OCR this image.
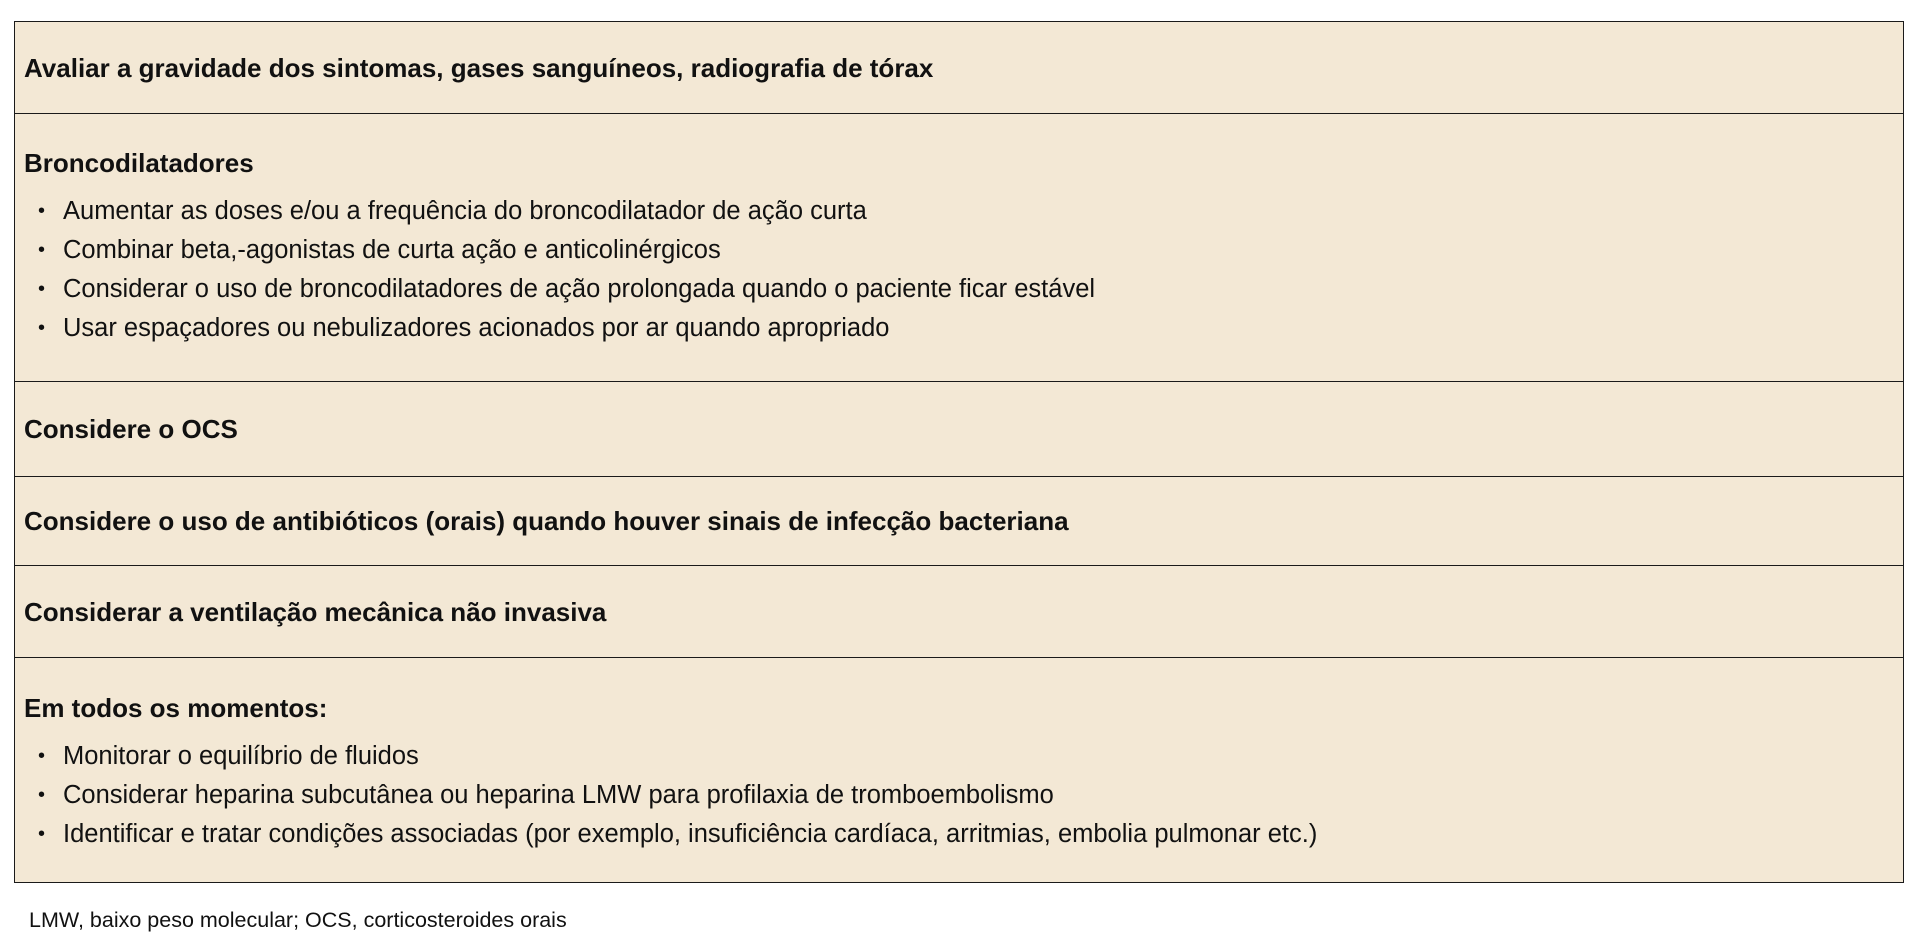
Avaliar a gravidade dos sintomas, gases sanguíneos, radiografia de tórax

Broncodilatadores

• Aumentar as doses e/ou a frequência do broncodilatador de ação curta
• Combinar beta,-agonistas de curta ação e anticolinérgicos
• Considerar o uso de broncodilatadores de ação prolongada quando o paciente ficar estável
• Usar espaçadores ou nebulizadores acionados por ar quando apropriado

Considere o OCS

Considere o uso de antibióticos (orais) quando houver sinais de infecção bacteriana

Considerar a ventilação mecânica não invasiva

Em todos os momentos:

• Monitorar o equilíbrio de fluidos
• Considerar heparina subcutânea ou heparina LMW para profilaxia de tromboembolismo
• Identificar e tratar condições associadas (por exemplo, insuficiência cardíaca, arritmias, embolia pulmonar etc.)
LMW, baixo peso molecular; OCS, corticosteroides orais
